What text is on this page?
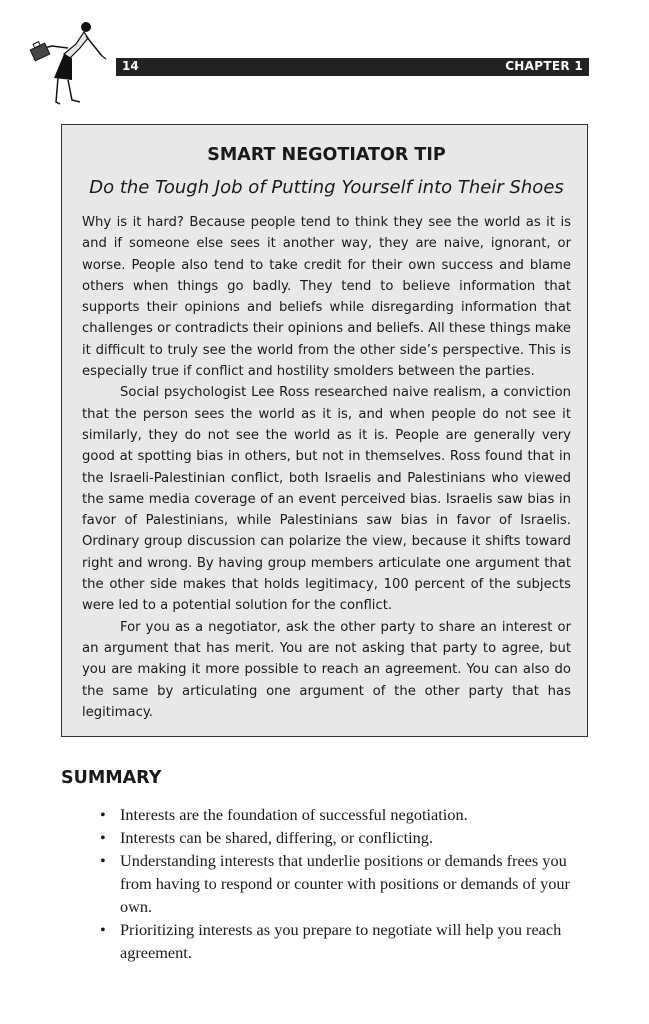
14	CHAPTER 1
SMART NEGOTIATOR TIP
Do the Tough Job of Putting Yourself into Their Shoes

Why is it hard? Because people tend to think they see the world as it is and if someone else sees it another way, they are naive, ignorant, or worse. People also tend to take credit for their own success and blame others when things go badly. They tend to believe information that supports their opinions and beliefs while disregarding information that challenges or contradicts their opinions and beliefs. All these things make it difficult to truly see the world from the other side’s perspective. This is especially true if conflict and hostility smolders between the parties.

Social psychologist Lee Ross researched naive realism, a conviction that the person sees the world as it is, and when people do not see it similarly, they do not see the world as it is. People are generally very good at spotting bias in others, but not in themselves. Ross found that in the Israeli-Palestinian conflict, both Israelis and Palestinians who viewed the same media coverage of an event perceived bias. Israelis saw bias in favor of Palestinians, while Palestinians saw bias in favor of Israelis. Ordinary group discussion can polarize the view, because it shifts toward right and wrong. By having group members articulate one argument that the other side makes that holds legitimacy, 100 percent of the subjects were led to a potential solution for the conflict.

For you as a negotiator, ask the other party to share an interest or an argument that has merit. You are not asking that party to agree, but you are making it more possible to reach an agreement. You can also do the same by articulating one argument of the other party that has legitimacy.

SUMMARY
• Interests are the foundation of successful negotiation.
• Interests can be shared, differing, or conflicting.
• Understanding interests that underlie positions or demands frees you from having to respond or counter with positions or demands of your own.
• Prioritizing interests as you prepare to negotiate will help you reach agreement.
